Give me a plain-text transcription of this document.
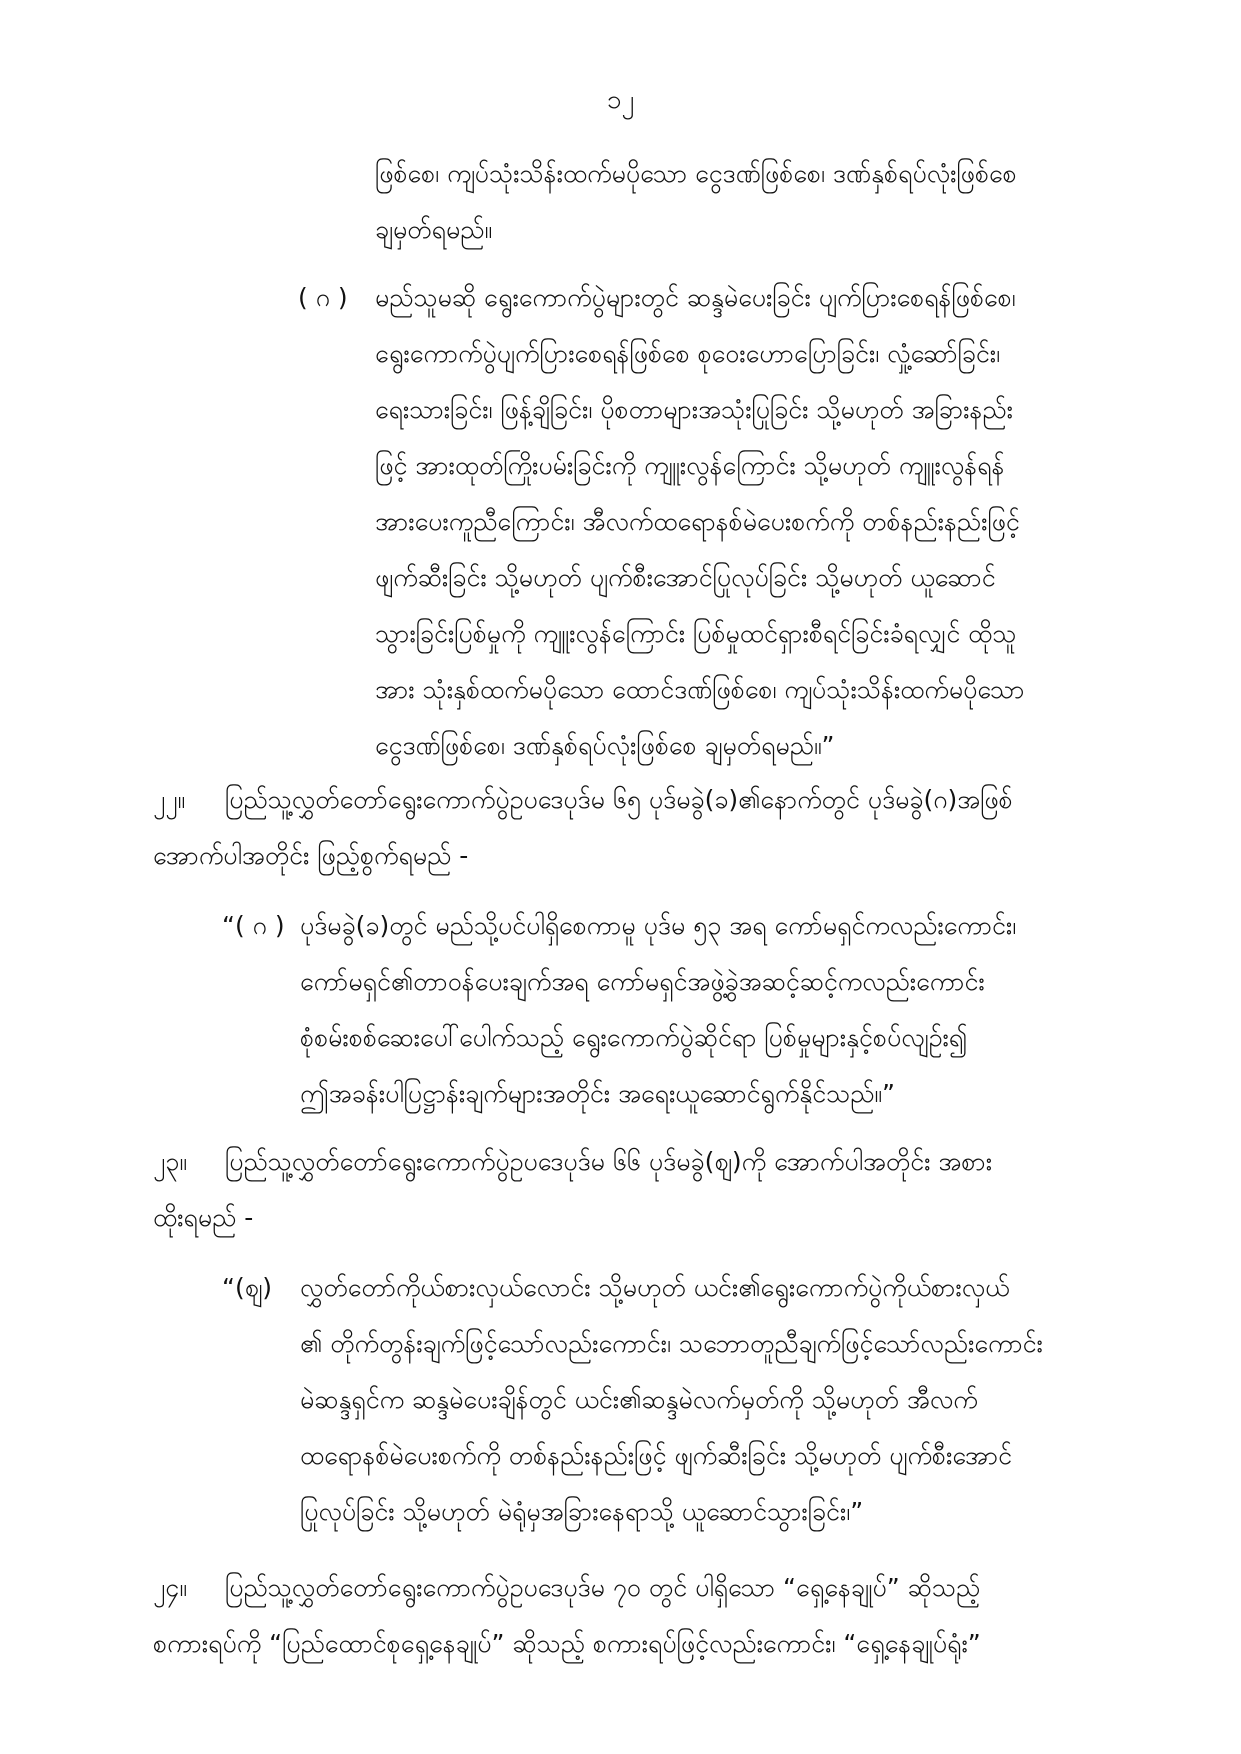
၁၂
ဖြစ်စေ၊ ကျပ်သုံးသိန်းထက်မပိုသော ငွေဒဏ်ဖြစ်စေ၊ ဒဏ်နှစ်ရပ်လုံးဖြစ်စေ
ချမှတ်ရမည်။
( ဂ ) မည်သူမဆို ရွေးကောက်ပွဲများတွင် ဆန္ဒမဲပေးခြင်း ပျက်ပြားစေရန်ဖြစ်စေ၊
ရွေးကောက်ပွဲပျက်ပြားစေရန်ဖြစ်စေ စုဝေးဟောပြောခြင်း၊ လှုံ့ဆော်ခြင်း၊
ရေးသားခြင်း၊ ဖြန့်ချိခြင်း၊ ပိုစတာများအသုံးပြုခြင်း သို့မဟုတ် အခြားနည်း
ဖြင့် အားထုတ်ကြိုးပမ်းခြင်းကို ကျူးလွန်ကြောင်း သို့မဟုတ် ကျူးလွန်ရန်
အားပေးကူညီကြောင်း၊ အီလက်ထရောနစ်မဲပေးစက်ကို တစ်နည်းနည်းဖြင့်
ဖျက်ဆီးခြင်း သို့မဟုတ် ပျက်စီးအောင်ပြုလုပ်ခြင်း သို့မဟုတ် ယူဆောင်
သွားခြင်းပြစ်မှုကို ကျူးလွန်ကြောင်း ပြစ်မှုထင်ရှားစီရင်ခြင်းခံရလျှင် ထိုသူ
အား သုံးနှစ်ထက်မပိုသော ထောင်ဒဏ်ဖြစ်စေ၊ ကျပ်သုံးသိန်းထက်မပိုသော
ငွေဒဏ်ဖြစ်စေ၊ ဒဏ်နှစ်ရပ်လုံးဖြစ်စေ ချမှတ်ရမည်။”
၂၂။ ပြည်သူ့လွှတ်တော်ရွေးကောက်ပွဲဥပဒေပုဒ်မ ၆၅ ပုဒ်မခွဲ(ခ)၏နောက်တွင် ပုဒ်မခွဲ(ဂ)အဖြစ်
အောက်ပါအတိုင်း ဖြည့်စွက်ရမည် -
“( ဂ ) ပုဒ်မခွဲ(ခ)တွင် မည်သို့ပင်ပါရှိစေကာမူ ပုဒ်မ ၅၃ အရ ကော်မရှင်ကလည်းကောင်း၊
ကော်မရှင်၏တာဝန်ပေးချက်အရ ကော်မရှင်အဖွဲ့ခွဲအဆင့်ဆင့်ကလည်းကောင်း
စုံစမ်းစစ်ဆေးပေါ်ပေါက်သည့် ရွေးကောက်ပွဲဆိုင်ရာ ပြစ်မှုများနှင့်စပ်လျဉ်း၍
ဤအခန်းပါပြဋ္ဌာန်းချက်များအတိုင်း အရေးယူဆောင်ရွက်နိုင်သည်။”
၂၃။ ပြည်သူ့လွှတ်တော်ရွေးကောက်ပွဲဥပဒေပုဒ်မ ၆၆ ပုဒ်မခွဲ(ဈ)ကို အောက်ပါအတိုင်း အစား
ထိုးရမည် -
“(ဈ) လွှတ်တော်ကိုယ်စားလှယ်လောင်း သို့မဟုတ် ယင်း၏ရွေးကောက်ပွဲကိုယ်စားလှယ်
၏ တိုက်တွန်းချက်ဖြင့်သော်လည်းကောင်း၊ သဘောတူညီချက်ဖြင့်သော်လည်းကောင်း
မဲဆန္ဒရှင်က ဆန္ဒမဲပေးချိန်တွင် ယင်း၏ဆန္ဒမဲလက်မှတ်ကို သို့မဟုတ် အီလက်
ထရောနစ်မဲပေးစက်ကို တစ်နည်းနည်းဖြင့် ဖျက်ဆီးခြင်း သို့မဟုတ် ပျက်စီးအောင်
ပြုလုပ်ခြင်း သို့မဟုတ် မဲရုံမှအခြားနေရာသို့ ယူဆောင်သွားခြင်း၊”
၂၄။ ပြည်သူ့လွှတ်တော်ရွေးကောက်ပွဲဥပဒေပုဒ်မ ၇၀ တွင် ပါရှိသော “ရှေ့နေချုပ်” ဆိုသည့်
စကားရပ်ကို “ပြည်ထောင်စုရှေ့နေချုပ်” ဆိုသည့် စကားရပ်ဖြင့်လည်းကောင်း၊ “ရှေ့နေချုပ်ရုံး”
